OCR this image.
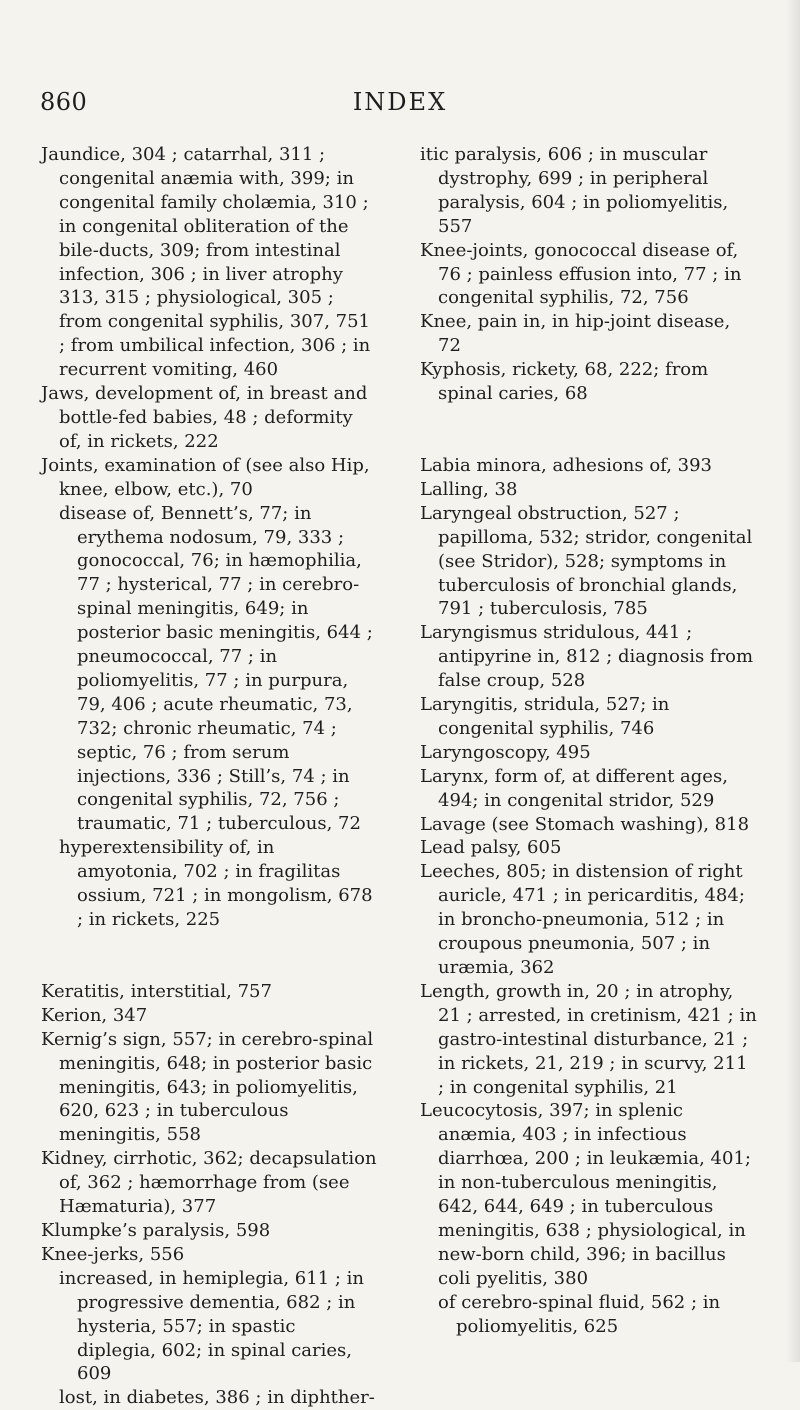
860	INDEX
Jaundice, 304 ; catarrhal, 311 ; congenital anæmia with, 399; in congenital family cholæmia, 310 ; in congenital obliteration of the bile-ducts, 309; from intestinal infection, 306 ; in liver atrophy 313, 315 ; physiological, 305 ; from congenital syphilis, 307, 751 ; from umbilical infection, 306 ; in recurrent vomiting, 460
Jaws, development of, in breast and bottle-fed babies, 48 ; deformity of, in rickets, 222
Joints, examination of (see also Hip, knee, elbow, etc.), 70
disease of, Bennett’s, 77; in erythema nodosum, 79, 333 ; gonococcal, 76; in hæmophilia, 77 ; hysterical, 77 ; in cerebro-spinal meningitis, 649; in posterior basic meningitis, 644 ; pneumococcal, 77 ; in poliomyelitis, 77 ; in purpura, 79, 406 ; acute rheumatic, 73, 732; chronic rheumatic, 74 ; septic, 76 ; from serum injections, 336 ; Still’s, 74 ; in congenital syphilis, 72, 756 ; traumatic, 71 ; tuberculous, 72
hyperextensibility of, in amyotonia, 702 ; in fragilitas ossium, 721 ; in mongolism, 678 ; in rickets, 225
Keratitis, interstitial, 757
Kerion, 347
Kernig’s sign, 557; in cerebro-spinal meningitis, 648; in posterior basic meningitis, 643; in poliomyelitis, 620, 623 ; in tuberculous meningitis, 558
Kidney, cirrhotic, 362; decapsulation of, 362 ; hæmorrhage from (see Hæmaturia), 377
Klumpke’s paralysis, 598
Knee-jerks, 556
increased, in hemiplegia, 611 ; in progressive dementia, 682 ; in hysteria, 557; in spastic diplegia, 602; in spinal caries, 609
lost, in diabetes, 386 ; in diphther-
itic paralysis, 606 ; in muscular dystrophy, 699 ; in peripheral paralysis, 604 ; in poliomyelitis, 557
Knee-joints, gonococcal disease of, 76 ; painless effusion into, 77 ; in congenital syphilis, 72, 756
Knee, pain in, in hip-joint disease, 72
Kyphosis, rickety, 68, 222; from spinal caries, 68
Labia minora, adhesions of, 393
Lalling, 38
Laryngeal obstruction, 527 ; papilloma, 532; stridor, congenital (see Stridor), 528; symptoms in tuberculosis of bronchial glands, 791 ; tuberculosis, 785
Laryngismus stridulous, 441 ; antipyrine in, 812 ; diagnosis from false croup, 528
Laryngitis, stridula, 527; in congenital syphilis, 746
Laryngoscopy, 495
Larynx, form of, at different ages, 494; in congenital stridor, 529
Lavage (see Stomach washing), 818
Lead palsy, 605
Leeches, 805; in distension of right auricle, 471 ; in pericarditis, 484; in broncho-pneumonia, 512 ; in croupous pneumonia, 507 ; in uræmia, 362
Length, growth in, 20 ; in atrophy, 21 ; arrested, in cretinism, 421 ; in gastro-intestinal disturbance, 21 ; in rickets, 21, 219 ; in scurvy, 211 ; in congenital syphilis, 21
Leucocytosis, 397; in splenic anæmia, 403 ; in infectious diarrhœa, 200 ; in leukæmia, 401; in non-tuberculous meningitis, 642, 644, 649 ; in tuberculous meningitis, 638 ; physiological, in new-born child, 396; in bacillus coli pyelitis, 380
of cerebro-spinal fluid, 562 ; in poliomyelitis, 625
